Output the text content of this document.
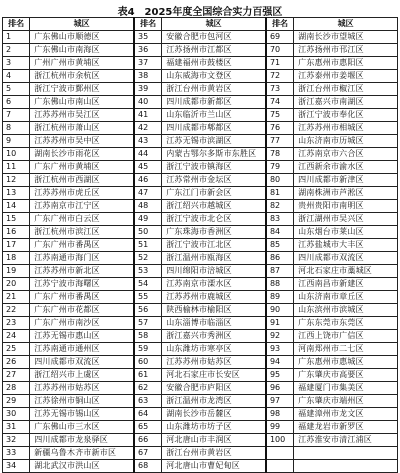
表4　2025年度全国综合实力百强区
排名	城区	排名	城区	排名	城区
1	广东佛山市顺德区	35	安徽合肥市包河区	69	湖南长沙市望城区
2	广东佛山市南海区	36	江苏扬州市江都区	70	江苏扬州市邗江区
3	广州广州市黄埔区	37	福建福州市鼓楼区	71	广东惠州市惠阳区
4	浙江杭州市余杭区	38	山东威海市文登区	72	江苏泰州市姜堰区
5	浙江宁波市鄞州区	39	浙江台州市黄岩区	73	浙江台州市椒江区
6	广东佛山市南山区	40	四川成都市新都区	74	浙江嘉兴市南湖区
7	江苏苏州市吴江区	41	山东临沂市兰山区	75	浙江宁波市奉化区
8	浙江杭州市萧山区	42	四川成都市郫都区	76	江苏苏州市相城区
9	江苏苏州市吴中区	43	江苏无锡市滨湖区	77	山东济南市历城区
10	湖南长沙市雨花区	44	内蒙古鄂尔多斯市东胜区	78	江苏南京市六合区
11	广东广州市黄埔区	45	浙江宁波市镇海区	79	江西新余市渝水区
12	浙江杭州市西湖区	46	江苏常州市金坛区	80	四川成都市新津区
13	江苏苏州市虎丘区	47	广东江门市新会区	81	湖南株洲市芦淞区
14	江苏南京市江宁区	48	浙江绍兴市越城区	82	贵州贵阳市南明区
15	广东广州市白云区	49	浙江宁波市北仑区	83	浙江湖州市吴兴区
16	浙江杭州市滨江区	50	广东珠海市香洲区	84	山东烟台市莱山区
17	广东广州市番禺区	51	浙江宁波市江北区	85	江苏盐城市大丰区
18	江苏南通市海门区	52	浙江温州市瓯海区	86	四川成都市双流区
19	江苏苏州市新北区	53	四川绵阳市涪城区	87	河北石家庄市藁城区
20	江苏宁波市海曙区	54	江苏南京市溧水区	88	江西南昌市新建区
21	广东广州市番禺区	55	江苏苏州市鹿城区	89	山东济南市章丘区
22	广东广州市花都区	56	陕西榆林市榆阳区	90	山东滨州市滨城区
23	广东广州市南沙区	57	山东淄博市临淄区	91	广东东莞市东莞区
24	江苏无锡市惠山区	58	浙江嘉兴市秀洲区	92	江西上饶市广信区
25	江苏南通市通州区	59	山东潍坊市寒亭区	93	河南郑州市二七区
26	四川成都市双流区	60	江苏苏州市姑苏区	94	广东惠州市惠城区
27	浙江绍兴市上虞区	61	河北石家庄市长安区	95	广东肇庆市高要区
28	江苏苏州市姑苏区	62	安徽合肥市庐阳区	96	福建厦门市集美区
29	江苏徐州市铜山区	63	浙江温州市龙湾区	97	广东肇庆市端州区
30	江苏无锡市锡山区	64	湖南长沙市岳麓区	98	福建漳州市龙文区
31	广东佛山市三水区	65	山东潍坊市坊子区	99	福建龙岩市新罗区
32	四川成都市龙泉驿区	66	河北唐山市丰润区	100	江苏淮安市清江浦区
33	新疆乌鲁木齐市新市区	67	浙江台州市黄岩区		
34	湖北武汉市洪山区	68	河北唐山市曹妃甸区		
